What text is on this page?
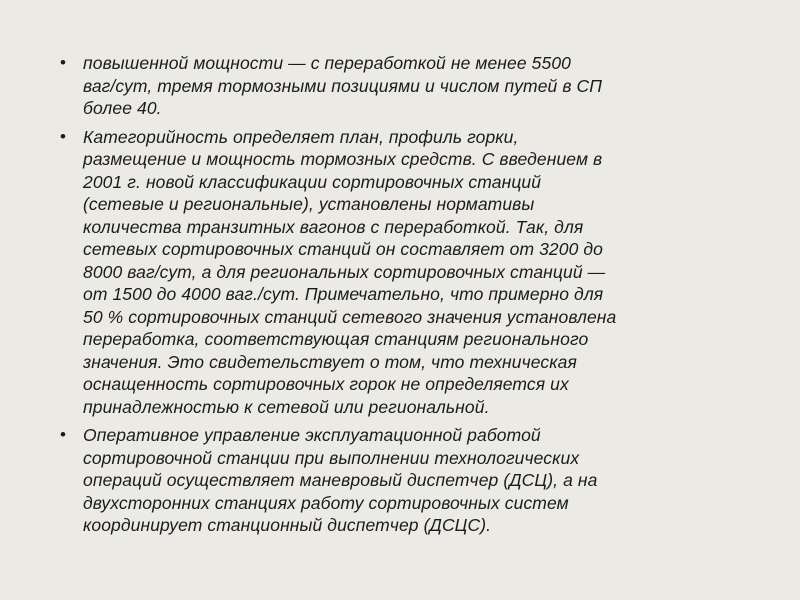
• повышенной мощности — с переработкой не менее 5500
ваг/сут, тремя тормозными позициями и числом путей в СП
более 40.
• Категорийность определяет план, профиль горки,
размещение и мощность тормозных средств. С введением в
2001 г. новой классификации сортировочных станций
(сетевые и региональные), установлены нормативы
количества транзитных вагонов с переработкой. Так, для
сетевых сортировочных станций он составляет от 3200 до
8000 ваг/сут, а для региональных сортировочных станций —
от 1500 до 4000 ваг./сут. Примечательно, что примерно для
50 % сортировочных станций сетевого значения установлена
переработка, соответствующая станциям регионального
значения. Это свидетельствует о том, что техническая
оснащенность сортировочных горок не определяется их
принадлежностью к сетевой или региональной.
• Оперативное управление эксплуатационной работой
сортировочной станции при выполнении технологических
операций осуществляет маневровый диспетчер (ДСЦ), а на
двухсторонних станциях работу сортировочных систем
координирует станционный диспетчер (ДСЦС).
